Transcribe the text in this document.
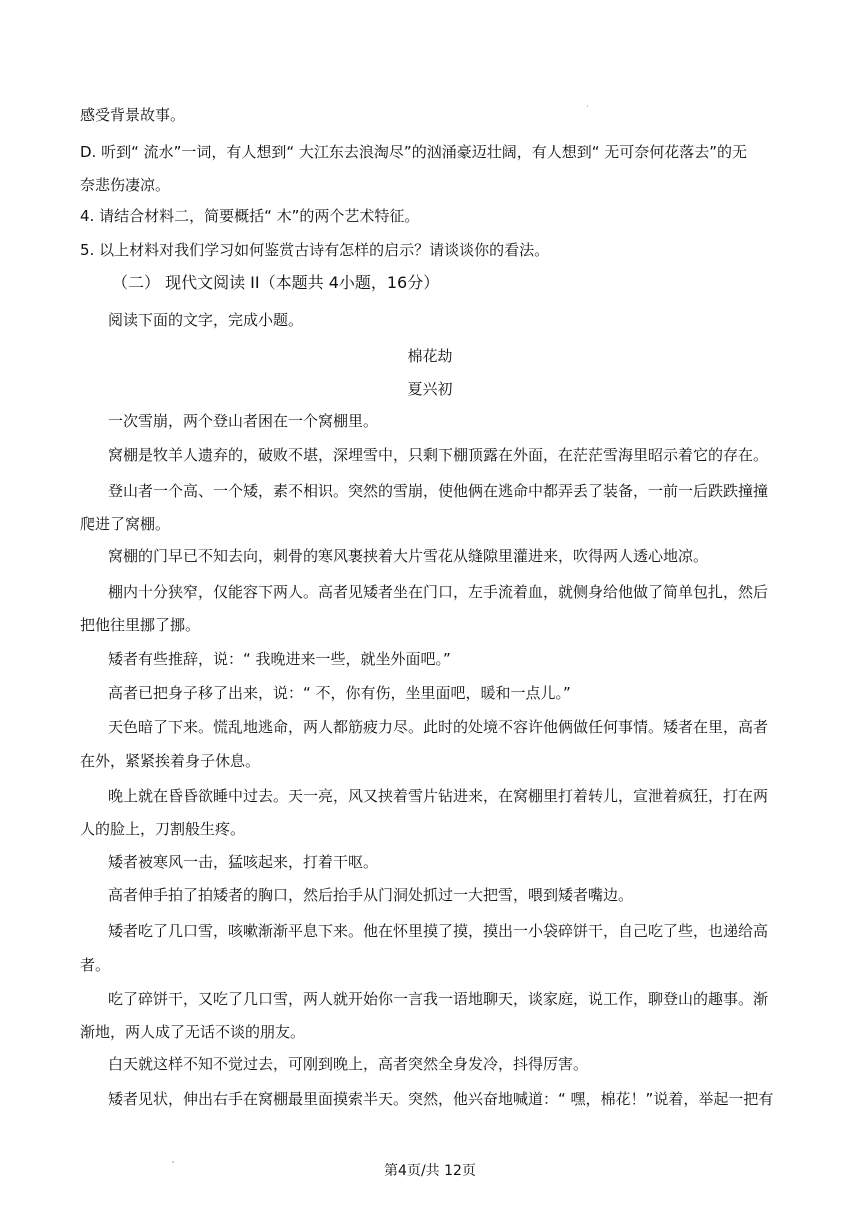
·
感受背景故事。
D. 听到“ 流水”一词，有人想到“ 大江东去浪淘尽”的汹涌豪迈壮阔，有人想到“ 无可奈何花落去”的无
奈悲伤凄凉。
4. 请结合材料二，简要概括“ 木”的两个艺术特征。
5. 以上材料对我们学习如何鉴赏古诗有怎样的启示？请谈谈你的看法。
（二） 现代文阅读 II（本题共 4小题，16分）
阅读下面的文字，完成小题。
棉花劫
夏兴初
一次雪崩，两个登山者困在一个窝棚里。
窝棚是牧羊人遗弃的，破败不堪，深埋雪中，只剩下棚顶露在外面，在茫茫雪海里昭示着它的存在。
登山者一个高、一个矮，素不相识。突然的雪崩，使他俩在逃命中都弄丢了装备，一前一后跌跌撞撞
爬进了窝棚。
窝棚的门早已不知去向，刺骨的寒风裹挟着大片雪花从缝隙里灌进来，吹得两人透心地凉。
棚内十分狭窄，仅能容下两人。高者见矮者坐在门口，左手流着血，就侧身给他做了简单包扎，然后
把他往里挪了挪。
矮者有些推辞，说：“ 我晚进来一些，就坐外面吧。”
高者已把身子移了出来，说：“ 不，你有伤，坐里面吧，暖和一点儿。”
天色暗了下来。慌乱地逃命，两人都筋疲力尽。此时的处境不容许他俩做任何事情。矮者在里，高者
在外，紧紧挨着身子休息。
晚上就在昏昏欲睡中过去。天一亮，风又挟着雪片钻进来，在窝棚里打着转儿，宣泄着疯狂，打在两
人的脸上，刀割般生疼。
矮者被寒风一击，猛咳起来，打着干呕。
高者伸手拍了拍矮者的胸口，然后抬手从门洞处抓过一大把雪，喂到矮者嘴边。
矮者吃了几口雪，咳嗽渐渐平息下来。他在怀里摸了摸，摸出一小袋碎饼干，自己吃了些，也递给高
者。
吃了碎饼干，又吃了几口雪，两人就开始你一言我一语地聊天，谈家庭，说工作，聊登山的趣事。渐
渐地，两人成了无话不谈的朋友。
白天就这样不知不觉过去，可刚到晚上，高者突然全身发冷，抖得厉害。
矮者见状，伸出右手在窝棚最里面摸索半天。突然，他兴奋地喊道：“ 嘿，棉花！”说着，举起一把有
'	第4页/共 12页
